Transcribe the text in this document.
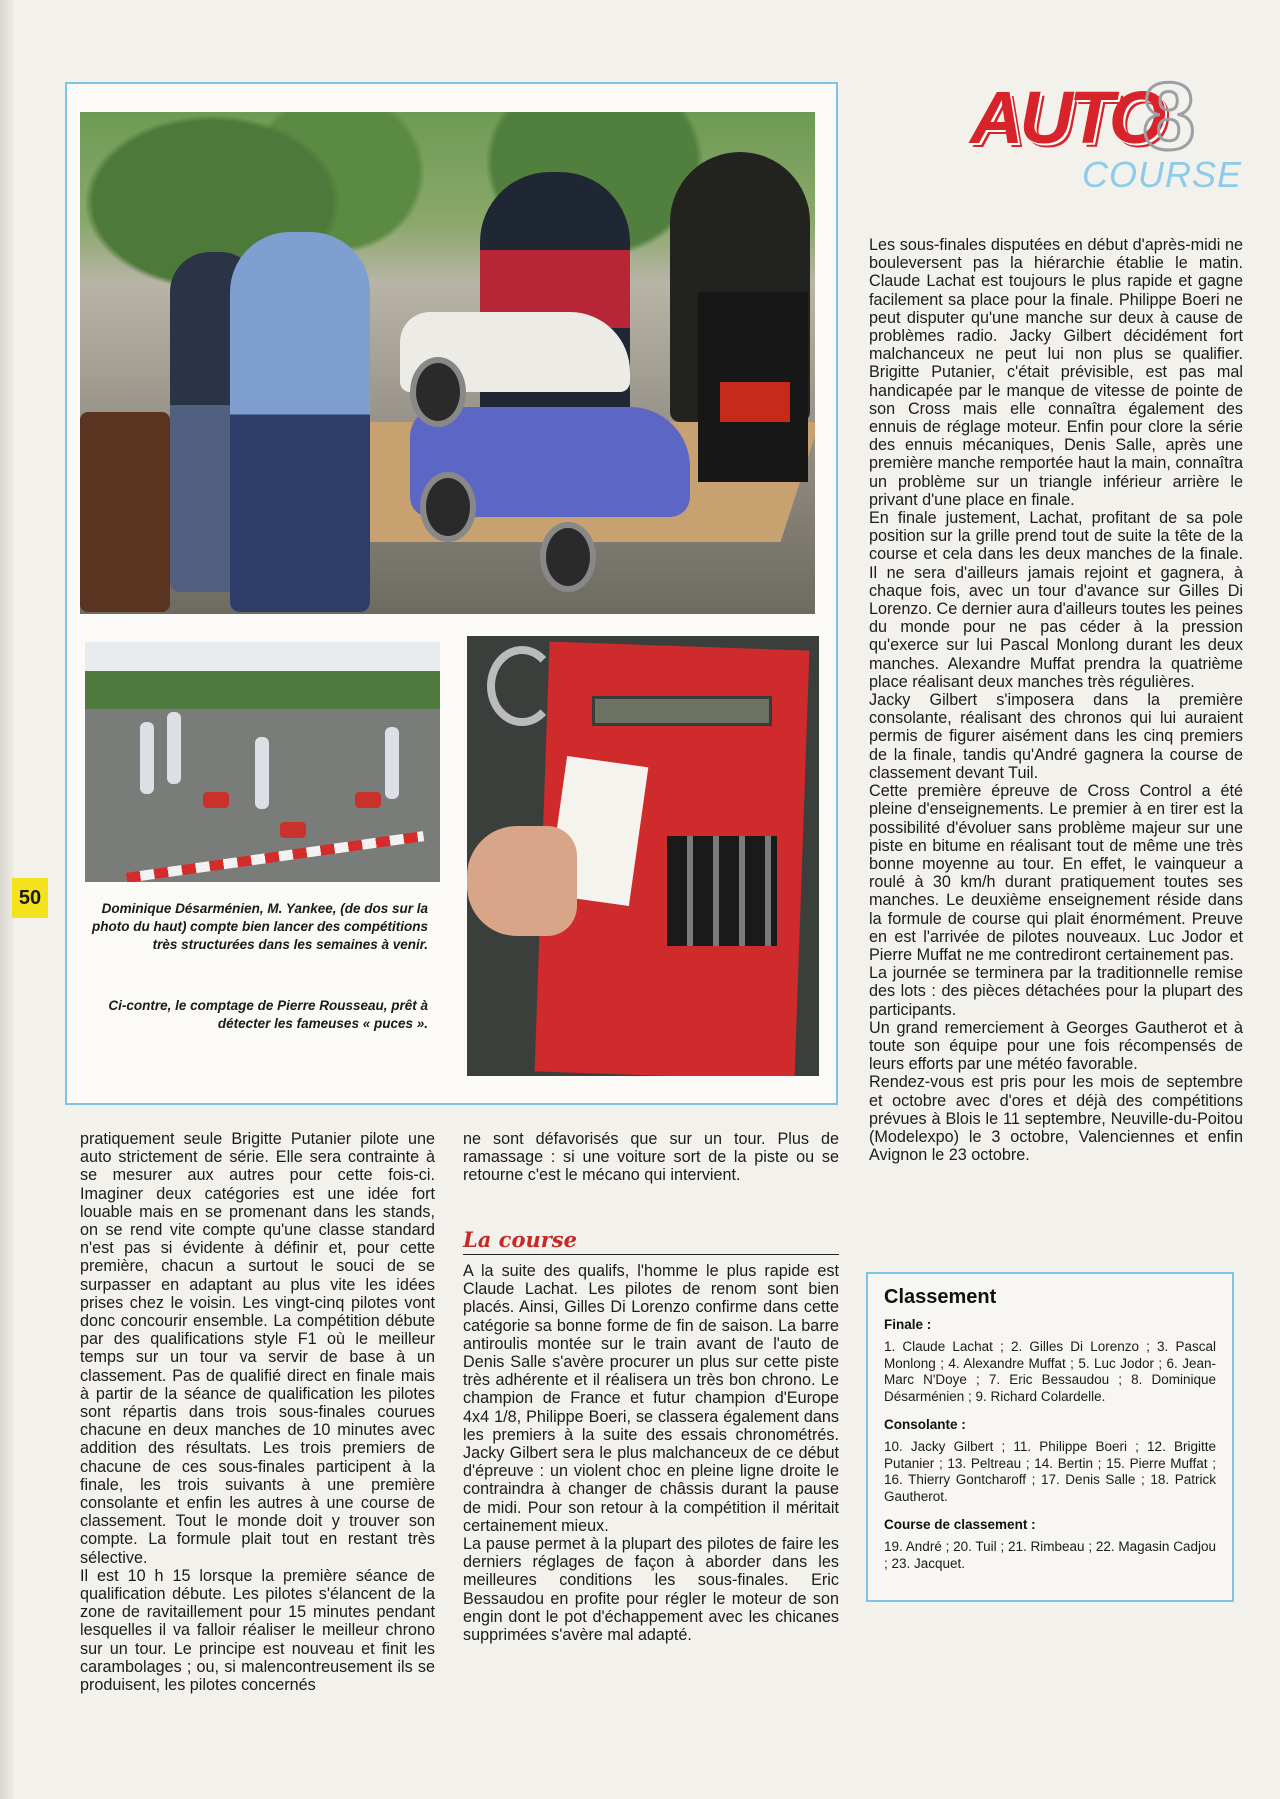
AUTO
8
COURSE
Dominique Désarménien, M. Yankee, (de dos sur la photo du haut) compte bien lancer des compétitions très structurées dans les semaines à venir.
Ci-contre, le comptage de Pierre Rousseau, prêt à détecter les fameuses « puces ».
50

Les sous-finales disputées en début d'après-midi ne bouleversent pas la hiérarchie établie le matin. Claude Lachat est toujours le plus rapide et gagne facilement sa place pour la finale. Philippe Boeri ne peut disputer qu'une manche sur deux à cause de problèmes radio. Jacky Gilbert décidément fort malchanceux ne peut lui non plus se qualifier. Brigitte Putanier, c'était prévisible, est pas mal handicapée par le manque de vitesse de pointe de son Cross mais elle connaîtra également des ennuis de réglage moteur. Enfin pour clore la série des ennuis mécaniques, Denis Salle, après une première manche remportée haut la main, connaîtra un problème sur un triangle inférieur arrière le privant d'une place en finale.

En finale justement, Lachat, profitant de sa pole position sur la grille prend tout de suite la tête de la course et cela dans les deux manches de la finale. Il ne sera d'ailleurs jamais rejoint et gagnera, à chaque fois, avec un tour d'avance sur Gilles Di Lorenzo. Ce dernier aura d'ailleurs toutes les peines du monde pour ne pas céder à la pression qu'exerce sur lui Pascal Monlong durant les deux manches. Alexandre Muffat prendra la quatrième place réalisant deux manches très régulières.

Jacky Gilbert s'imposera dans la première consolante, réalisant des chronos qui lui auraient permis de figurer aisément dans les cinq premiers de la finale, tandis qu'André gagnera la course de classement devant Tuil.

Cette première épreuve de Cross Control a été pleine d'enseignements. Le premier à en tirer est la possibilité d'évoluer sans problème majeur sur une piste en bitume en réalisant tout de même une très bonne moyenne au tour. En effet, le vainqueur a roulé à 30 km/h durant pratiquement toutes ses manches. Le deuxième enseignement réside dans la formule de course qui plait énormément. Preuve en est l'arrivée de pilotes nouveaux. Luc Jodor et Pierre Muffat ne me contrediront certainement pas.

La journée se terminera par la traditionnelle remise des lots : des pièces détachées pour la plupart des participants.

Un grand remerciement à Georges Gautherot et à toute son équipe pour une fois récompensés de leurs efforts par une météo favorable.

Rendez-vous est pris pour les mois de septembre et octobre avec d'ores et déjà des compétitions prévues à Blois le 11 septembre, Neuville-du-Poitou (Modelexpo) le 3 octobre, Valenciennes et enfin Avignon le 23 octobre.

pratiquement seule Brigitte Putanier pilote une auto strictement de série. Elle sera contrainte à se mesurer aux autres pour cette fois-ci. Imaginer deux catégories est une idée fort louable mais en se promenant dans les stands, on se rend vite compte qu'une classe standard n'est pas si évidente à définir et, pour cette première, chacun a surtout le souci de se surpasser en adaptant au plus vite les idées prises chez le voisin. Les vingt-cinq pilotes vont donc concourir ensemble. La compétition débute par des qualifications style F1 où le meilleur temps sur un tour va servir de base à un classement. Pas de qualifié direct en finale mais à partir de la séance de qualification les pilotes sont répartis dans trois sous-finales courues chacune en deux manches de 10 minutes avec addition des résultats. Les trois premiers de chacune de ces sous-finales participent à la finale, les trois suivants à une première consolante et enfin les autres à une course de classement. Tout le monde doit y trouver son compte. La formule plait tout en restant très sélective.

Il est 10 h 15 lorsque la première séance de qualification débute. Les pilotes s'élancent de la zone de ravitaillement pour 15 minutes pendant lesquelles il va falloir réaliser le meilleur chrono sur un tour. Le principe est nouveau et finit les carambolages ; ou, si malencontreusement ils se produisent, les pilotes concernés

ne sont défavorisés que sur un tour. Plus de ramassage : si une voiture sort de la piste ou se retourne c'est le mécano qui intervient.

La course

A la suite des qualifs, l'homme le plus rapide est Claude Lachat. Les pilotes de renom sont bien placés. Ainsi, Gilles Di Lorenzo confirme dans cette catégorie sa bonne forme de fin de saison. La barre antiroulis montée sur le train avant de l'auto de Denis Salle s'avère procurer un plus sur cette piste très adhérente et il réalisera un très bon chrono. Le champion de France et futur champion d'Europe 4x4 1/8, Philippe Boeri, se classera également dans les premiers à la suite des essais chronométrés. Jacky Gilbert sera le plus malchanceux de ce début d'épreuve : un violent choc en pleine ligne droite le contraindra à changer de châssis durant la pause de midi. Pour son retour à la compétition il méritait certainement mieux.

La pause permet à la plupart des pilotes de faire les derniers réglages de façon à aborder dans les meilleures conditions les sous-finales. Eric Bessaudou en profite pour régler le moteur de son engin dont le pot d'échappement avec les chicanes supprimées s'avère mal adapté.

Classement
Finale :

1. Claude Lachat ; 2. Gilles Di Lorenzo ; 3. Pascal Monlong ; 4. Alexandre Muffat ; 5. Luc Jodor ; 6. Jean-Marc N'Doye ; 7. Eric Bessaudou ; 8. Dominique Désarménien ; 9. Richard Colardelle.

Consolante :

10. Jacky Gilbert ; 11. Philippe Boeri ; 12. Brigitte Putanier ; 13. Peltreau ; 14. Bertin ; 15. Pierre Muffat ; 16. Thierry Gontcharoff ; 17. Denis Salle ; 18. Patrick Gautherot.

Course de classement :

19. André ; 20. Tuil ; 21. Rimbeau ; 22. Magasin Cadjou ; 23. Jacquet.
